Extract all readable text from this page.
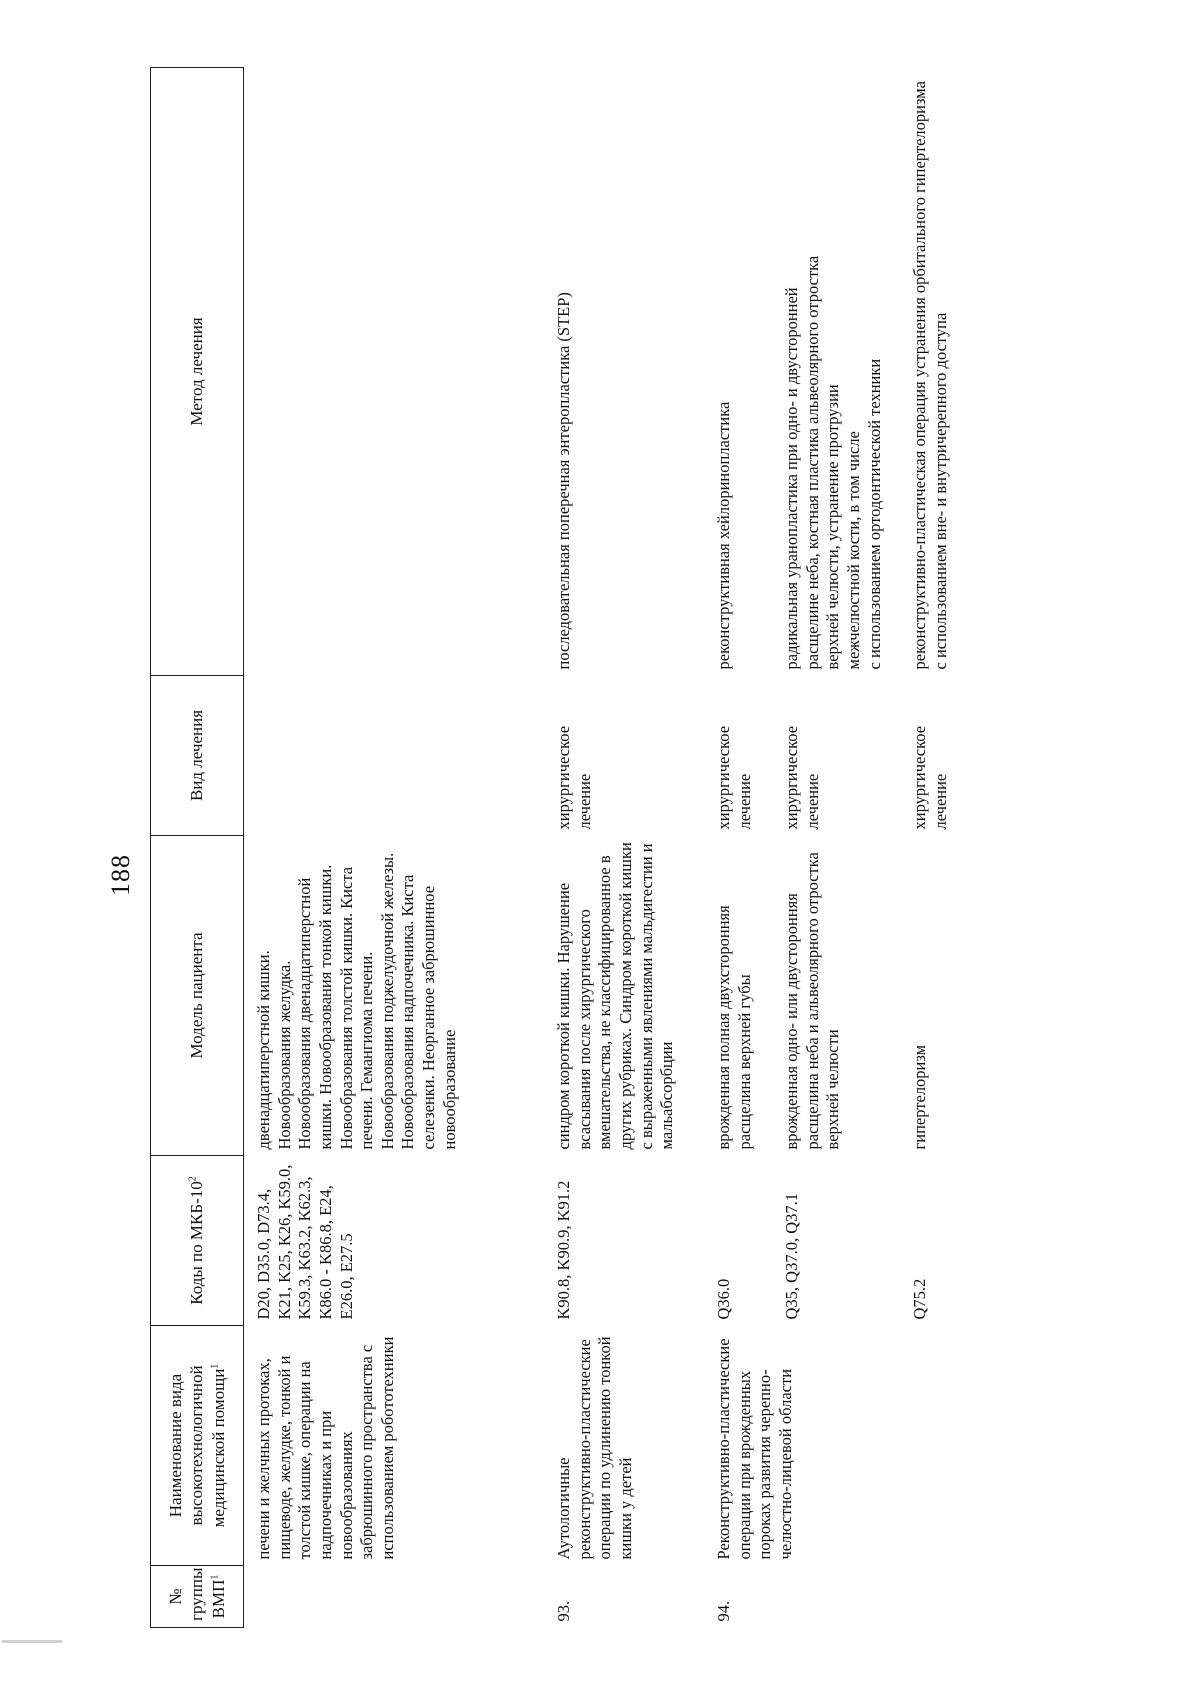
188
№ группы ВМП$^1$	Наименование вида высокотехнологичной медицинской помощи$^1$	Коды по МКБ-$10^2$	Модель пациента	Вид лечения	Метод лечения
	печени и желчных протоках, пищеводе, желудке, тонкой и толстой кишке, операции на надпочечниках и при новообразованиях забрюшинного пространства с использованием робототехники	D20, D35.0, D73.4, K21, K25, K26, K59.0, K59.3, K63.2, K62.3, K86.0 - K86.8, E24, E26.0, E27.5	двенадцатиперстной кишки. Новообразования желудка. Новообразования двенадцатиперстной кишки. Новообразования тонкой кишки. Новообразования толстой кишки. Киста печени. Гемангиома печени. Новообразования поджелудочной железы. Новообразования надпочечника. Киста селезенки. Неорганное забрюшинное новообразование		
93.	Аутологичные реконструктивно-пластические операции по удлинению тонкой кишки у детей	K90.8, K90.9, K91.2	синдром короткой кишки. Нарушение всасывания после хирургического вмешательства, не классифицированное в других рубриках. Синдром короткой кишки с выраженными явлениями мальдигестии и мальабсорбции	хирургическое лечение	последовательная поперечная энтеропластика (STEP)
94.	Реконструктивно-пластические операции при врожденных пороках развития черепно-челюстно-лицевой области	Q36.0	врожденная полная двухсторонняя расщелина верхней губы	хирургическое лечение	реконструктивная хейлоринопластика
		Q35, Q37.0, Q37.1	врожденная одно- или двусторонняя расщелина неба и альвеолярного отростка верхней челюсти	хирургическое лечение	радикальная уранопластика при одно- и двусторонней расщелине неба, костная пластика альвеолярного отростка верхней челюсти, устранение протрузии межчелюстной кости, в том числе с использованием ортодонтической техники

		Q75.2	гипертелоризм	хирургическое лечение	реконструктивно-пластическая операция устранения орбитального гипертелоризма с использованием вне- и внутричерепного доступа
